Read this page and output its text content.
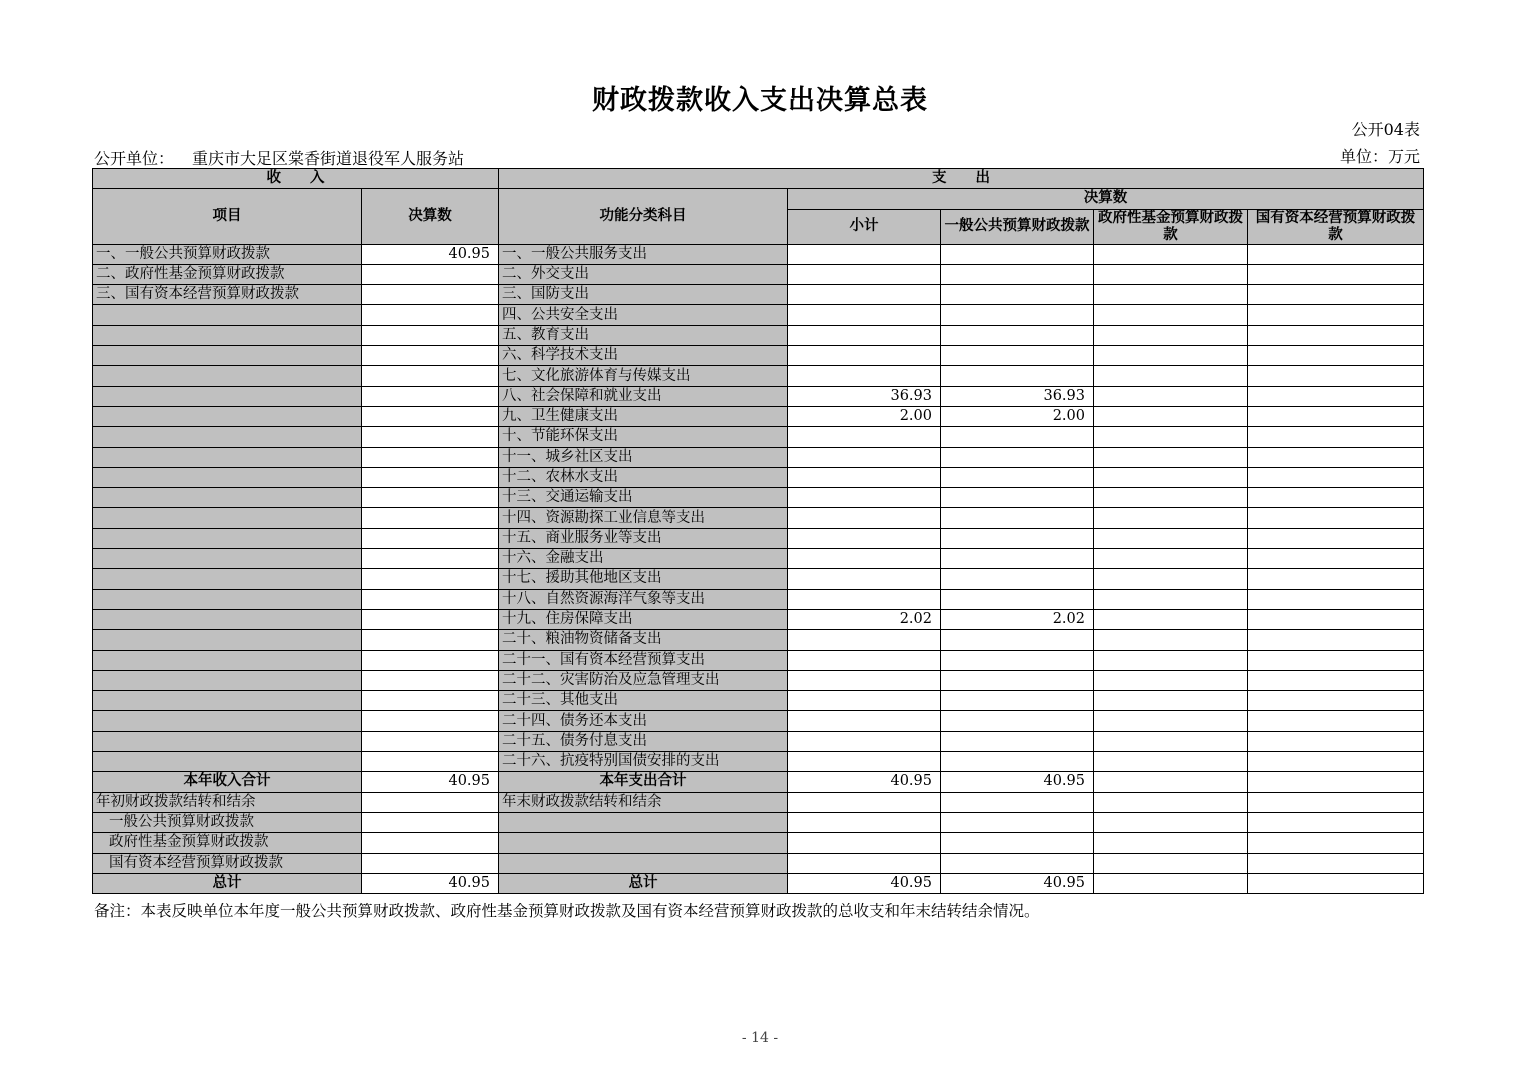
财政拨款收入支出决算总表
公开04表
公开单位： 重庆市大足区棠香街道退役军人服务站	单位：万元
收　　入		支　　出				
项目	决算数	功能分类科目	决算数			
			小计	一般公共预算财政拨款	政府性基金预算财政拨款	国有资本经营预算财政拨款

一、一般公共预算财政拨款	40.95	一、一般公共服务支出				
二、政府性基金预算财政拨款		二、外交支出				
三、国有资本经营预算财政拨款		三、国防支出				
		四、公共安全支出				
		五、教育支出				
		六、科学技术支出				
		七、文化旅游体育与传媒支出				
		八、社会保障和就业支出	36.93	36.93		
		九、卫生健康支出	2.00	2.00		
		十、节能环保支出				
		十一、城乡社区支出				
		十二、农林水支出				
		十三、交通运输支出				
		十四、资源勘探工业信息等支出				
		十五、商业服务业等支出				
		十六、金融支出				
		十七、援助其他地区支出				
		十八、自然资源海洋气象等支出				
		十九、住房保障支出	2.02	2.02		
		二十、粮油物资储备支出				
		二十一、国有资本经营预算支出				
		二十二、灾害防治及应急管理支出				
		二十三、其他支出				
		二十四、债务还本支出				
		二十五、债务付息支出				
		二十六、抗疫特别国债安排的支出				
本年收入合计	40.95	本年支出合计	40.95	40.95		
年初财政拨款结转和结余		年末财政拨款结转和结余				
一般公共预算财政拨款						
政府性基金预算财政拨款						
国有资本经营预算财政拨款						
总计	40.95	总计	40.95	40.95		
备注：本表反映单位本年度一般公共预算财政拨款、政府性基金预算财政拨款及国有资本经营预算财政拨款的总收支和年末结转结余情况。
- 14 -
